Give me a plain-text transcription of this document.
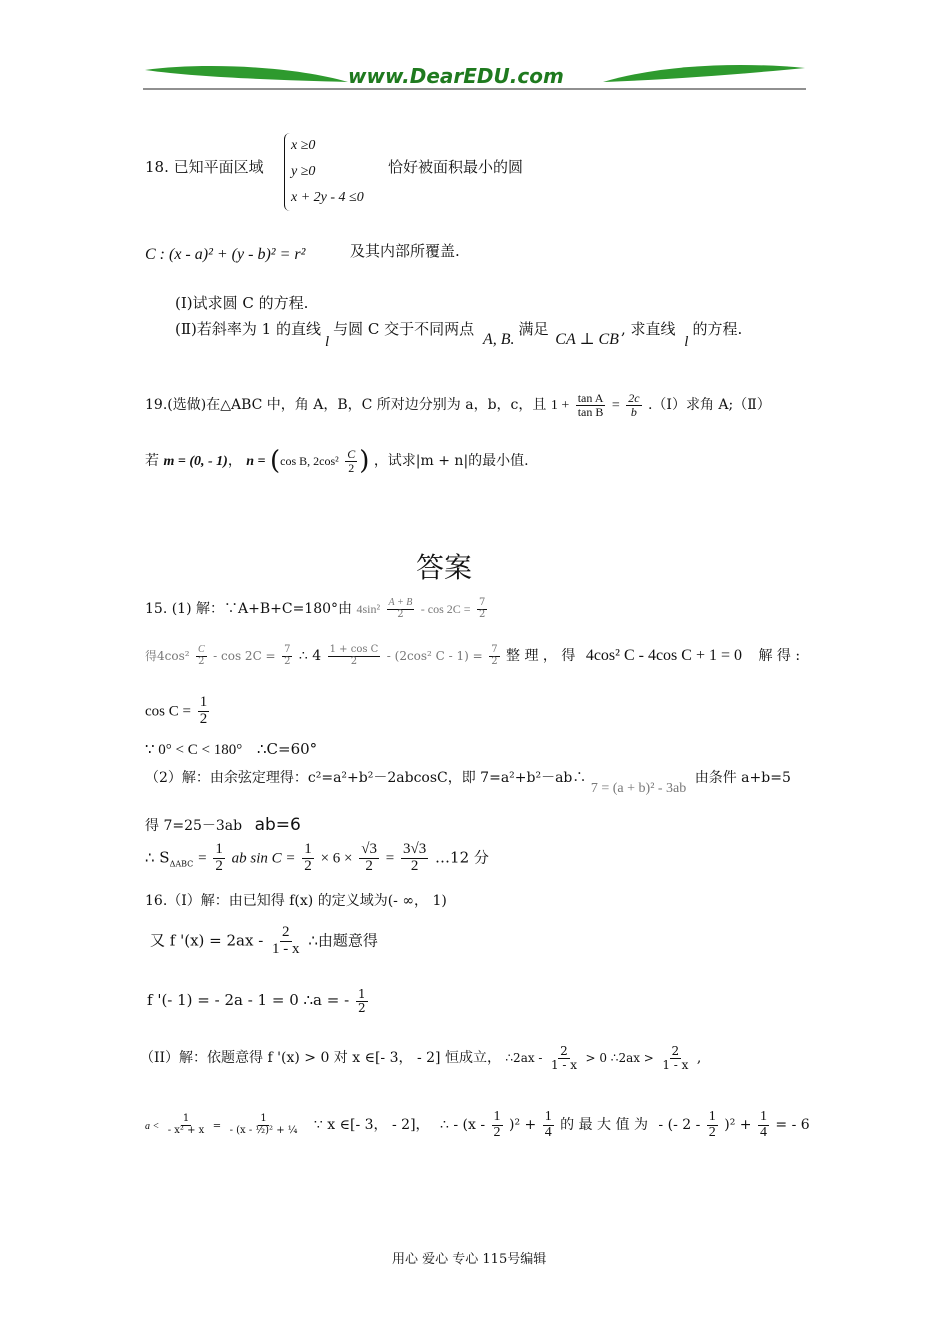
www.DearEDU.com
18. 已知平面区域
x ≥0
y ≥0
x + 2y - 4 ≤0
恰好被面积最小的圆
C : (x - a)² + (y - b)² = r²	及其内部所覆盖.
(Ⅰ)试求圆 C 的方程.
(Ⅱ)若斜率为 1 的直线l与圆 C 交于不同两点 A, B.满足 CA ⊥ CB, 求直线 l的方程.
19.(选做)在△ABC 中，角 A，B，C 所对边分别为 a，b，c，且 $1 + \frac{\text{tan A}}{\text{tan B}} = \frac{2c}{b}$ .（Ⅰ）求角 A;（Ⅱ）
若 m = (0, - 1)， n = (cos B, $2\cos^2 \frac{C}{2}$ ) ，试求|m + n|的最小值.
答案
15. (1) 解：∵A+B+C=180°由 $4\sin^2 \frac{A + B}{2} - \cos 2C = \frac{7}{2}$
得$4\cos^2 \frac{C}{2} - \cos 2C = \frac{7}{2}$ ∴ $4 \frac{\text{1 + cos C}}{2} - (2\cos^2$ $C - 1) = \frac{7}{2}$ 整 理 ， 得 4cos² C - 4cos C + 1 = 0 解 得 :
$\cos C = \frac{1}{2}$
∵ 0° < C < 180° ∴C=60°
（2）解：由余弦定理得：c²=a²+b²－2abcosC，即 7=a²+b²－ab∴ 7 = (a + b)² - 3ab 由条件 a+b=5
得 7=25－3ab ab=6
∴ $S_{\Delta ABC} = \frac{1}{2}$ ab $\sin C = \frac{1}{2} \times 6 \times \frac{√3}{2} = \frac{3√3}{2}$ …12 分
16.（I）解：由已知得 f(x) 的定义域为(- ∞， 1)
又 f '$(x) = 2ax - \frac{2}{1 - x}$ ∴由题意得
f '(- 1) = - 2a - 1 = 0 ∴a = - $\frac{1}{2}$
（II）解：依题意得 f '(x) > 0 对 x ∈[- 3， - 2] 恒成立， ∴2ax - $\frac{2}{1 - x} > 0$ ∴2ax > $\frac{2}{1 - x}$ ,
$a < \frac{1}{\text{- x² + x}} = \frac{1}{\text{- (x - ½)² + ¼}}$ ∵ x ∈[- 3， - 2]， ∴ - $(x - \frac{1}{2} )^2 + \frac{1}{4}$ 的 最 大 值 为 - (- $2 - \frac{1}{2} )^2 + \frac{1}{4}$ = - 6
用心 爱心 专心 115号编辑
